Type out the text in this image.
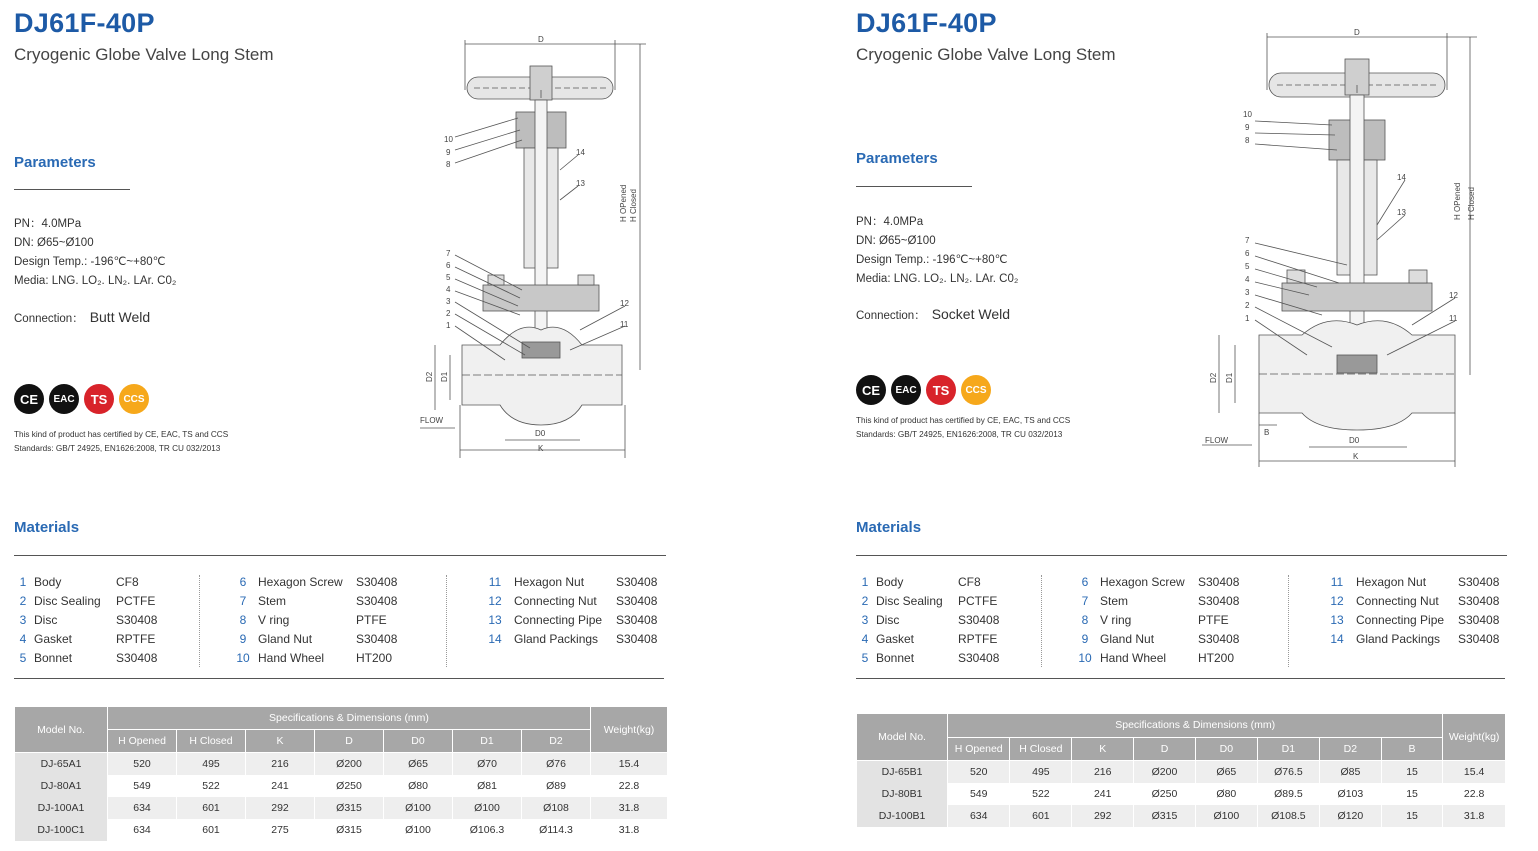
DJ61F-40P
Cryogenic Globe Valve Long Stem
Parameters
PN：4.0MPa
DN: Ø65~Ø100
Design Temp.: -196℃~+80℃
Media: LNG. LO₂. LN₂. LAr. C0₂
Connection： Butt Weld
CE	EAC	TS	CCS
This kind of product has certified by CE, EAC, TS and CCS
Standards: GB/T 24925, EN1626:2008, TR CU 032/2013
D
H OPened H Closed
D2 D1
D0
K
FLOW
10
9
8
7
6
5
4
3
2
1
14
13
12
11
Materials
1 Body	CF8
2 Disc Sealing PCTFE
3 Disc	S30408
4 Gasket	RPTFE
5 Bonnet	S30408
6 Hexagon Screw S30408
7 Stem	S30408
8 V ring	PTFE
9 Gland Nut	S30408
10 Hand Wheel	HT200
11 Hexagon Nut	S30408
12 Connecting Nut S30408
13 Connecting Pipe S30408
14 Gland Packings S30408
Model No.	Specifications & Dimensions (mm)							Weight(kg)
	H Opened	H Closed	K	D	D0	D1	D2	
DJ-65A1	520	495	216	Ø200	Ø65	Ø70	Ø76	15.4
DJ-80A1	549	522	241	Ø250	Ø80	Ø81	Ø89	22.8
DJ-100A1	634	601	292	Ø315	Ø100	Ø100	Ø108	31.8
DJ-100C1	634	601	275	Ø315	Ø100	Ø106.3	Ø114.3	31.8
DJ61F-40P
Cryogenic Globe Valve Long Stem
Parameters
PN：4.0MPa
DN: Ø65~Ø100
Design Temp.: -196℃~+80℃
Media: LNG. LO₂. LN₂. LAr. C0₂
Connection： Socket Weld
CE	EAC	TS	CCS
This kind of product has certified by CE, EAC, TS and CCS
Standards: GB/T 24925, EN1626:2008, TR CU 032/2013
D
H OPened H Closed
D2 D1
B
D0
K
FLOW
10
9
8
7
6
5
4
3
2
1
14
13
12
11
Materials
1 Body	CF8
2 Disc Sealing PCTFE
3 Disc	S30408
4 Gasket	RPTFE
5 Bonnet	S30408
6 Hexagon Screw S30408
7 Stem	S30408
8 V ring	PTFE
9 Gland Nut	S30408
10 Hand Wheel	HT200
11 Hexagon Nut	S30408
12 Connecting Nut S30408
13 Connecting Pipe S30408
14 Gland Packings S30408
Model No.	Specifications & Dimensions (mm)								Weight(kg)
	H Opened	H Closed	K	D	D0	D1	D2	B	
DJ-65B1	520	495	216	Ø200	Ø65	Ø76.5	Ø85	15	15.4
DJ-80B1	549	522	241	Ø250	Ø80	Ø89.5	Ø103	15	22.8
DJ-100B1	634	601	292	Ø315	Ø100	Ø108.5	Ø120	15	31.8
